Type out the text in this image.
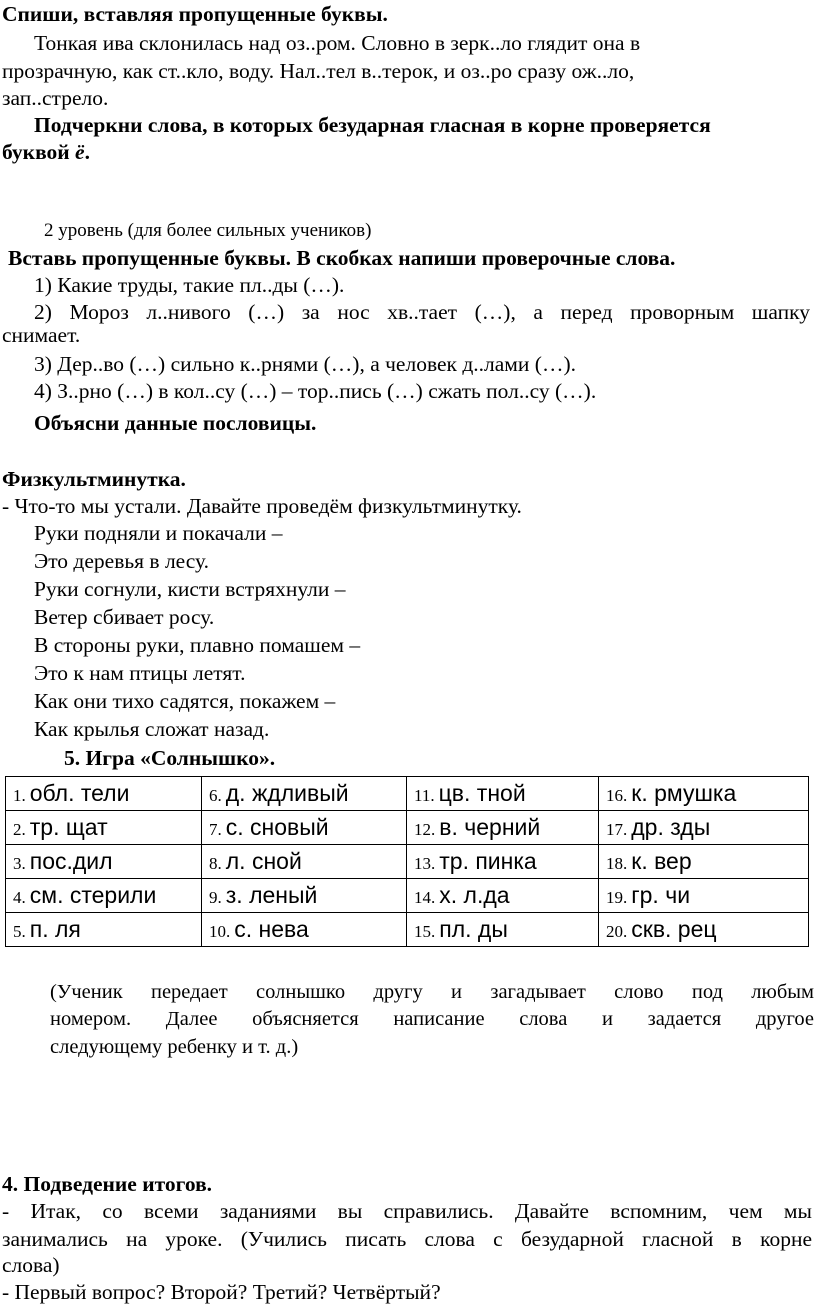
Спиши, вставляя пропущенные буквы.
Тонкая ива склонилась над оз..ром. Словно в зерк..ло глядит она в
прозрачную, как ст..кло, воду. Нал..тел в..терок, и оз..ро сразу ож..ло,
зап..стрело.
Подчеркни слова, в которых безударная гласная в корне проверяется
буквой ё.
2 уровень (для более сильных учеников)
Вставь пропущенные буквы. В скобках напиши проверочные слова.
1) Какие труды, такие пл..ды (…).
2) Мороз л..нивого (…) за нос хв..тает (…), а перед проворным шапку
снимает.
3) Дер..во (…) сильно к..рнями (…), а человек д..лами (…).
4) З..рно (…) в кол..су (…) – тор..пись (…) сжать пол..су (…).
Объясни данные пословицы.
Физкультминутка.
- Что-то мы устали. Давайте проведём физкультминутку.
Руки подняли и покачали –
Это деревья в лесу.
Руки согнули, кисти встряхнули –
Ветер сбивает росу.
В стороны руки, плавно помашем –
Это к нам птицы летят.
Как они тихо садятся, покажем –
Как крылья сложат назад.
5. Игра «Солнышко».
1. обл. тели	6. д. ждливый	11. цв. тной	16. к. рмушка
2. тр. щат	7. с. сновый	12. в. черний	17. др. зды
3. пос.дил	8. л. сной	13. тр. пинка	18. к. вер
4. см. стерили	9. з. леный	14. х. л.да	19. гр. чи
5. п. ля	10. с. нева	15. пл. ды	20. скв. рец
(Ученик передает солнышко другу и загадывает слово под любым
номером. Далее объясняется написание слова и задается другое
следующему ребенку и т. д.)
4. Подведение итогов.
- Итак, со всеми заданиями вы справились. Давайте вспомним, чем мы
занимались на уроке. (Учились писать слова с безударной гласной в корне
слова)
- Первый вопрос? Второй? Третий? Четвёртый?
